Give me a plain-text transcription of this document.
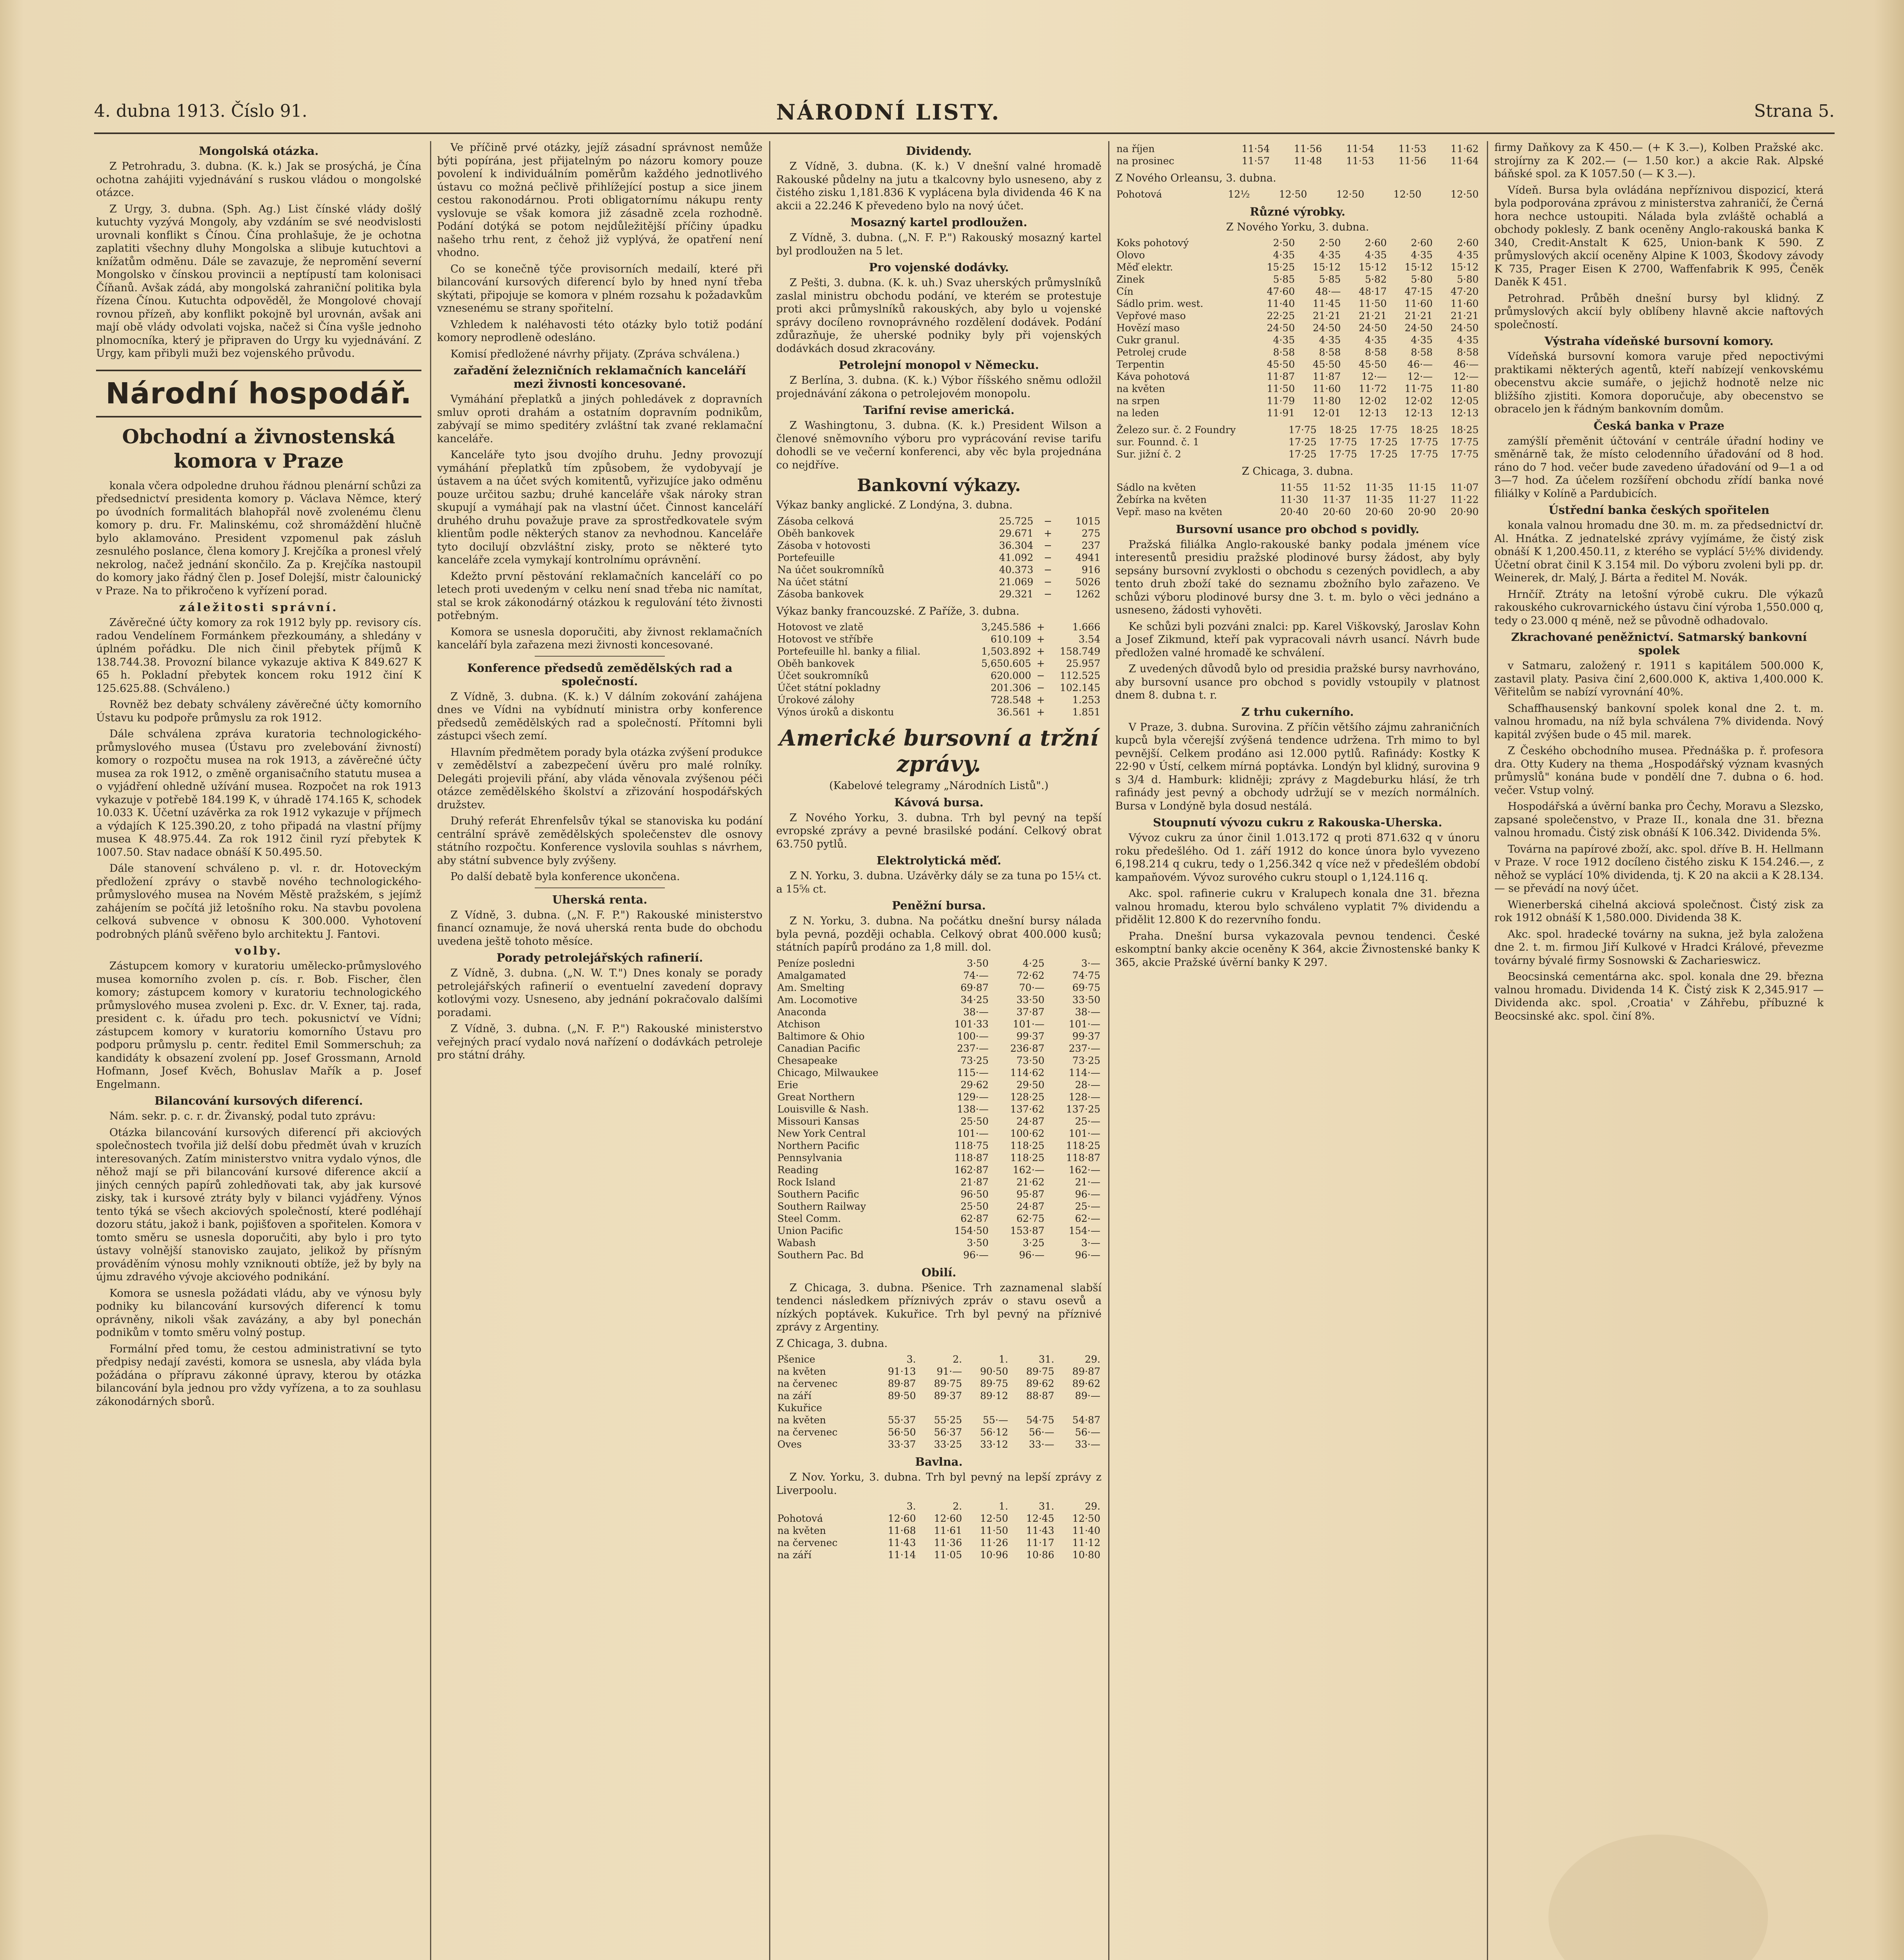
4. dubna 1913. Číslo 91.	NÁRODNÍ LISTY.	Strana 5.
Mongolská otázka.

Z Petrohradu, 3. dubna. (K. k.) Jak se prosýchá, je Čína ochotna zahájiti vyjednávání s ruskou vládou o mongolské otázce.

Z Urgy, 3. dubna. (Sph. Ag.) List čínské vlády došlý kutuchty vyzývá Mongoly, aby vzdáním se své neodvislosti urovnali konflikt s Čínou. Čína prohlašuje, že je ochotna zaplatiti všechny dluhy Mongolska a slibuje kutuchtovi a knížatům odměnu. Dále se zavazuje, že nepromění severní Mongolsko v čínskou provincii a neptípustí tam kolonisaci Číňanů. Avšak zádá, aby mongolská zahraniční politika byla řízena Čínou. Kutuchta odpověděl, že Mongolové chovají rovnou přízeň, aby konflikt pokojně byl urovnán, avšak ani mají obě vlády odvolati vojska, načež si Čína vyšle jednoho plnomocníka, který je připraven do Urgy ku vyjednávání. Z Urgy, kam přibyli muži bez vojenského průvodu.

Národní hospodář.
Obchodní a živnostenská komora v Praze

konala včera odpoledne druhou řádnou plenární schůzi za předsednictví presidenta komory p. Václava Němce, který po úvodních formalitách blahopřál nově zvolenému členu komory p. dru. Fr. Malinskému, což shromáždění hlučně bylo aklamováno. President vzpomenul pak zásluh zesnulého poslance, člena komory J. Krejčíka a pronesl vřelý nekrolog, načež jednání skončilo. Za p. Krejčíka nastoupil do komory jako řádný člen p. Josef Dolejší, mistr čalounický v Praze. Na to přikročeno k vyřízení porad.

záležitosti správní.

Závěrečné účty komory za rok 1912 byly pp. revisory cís. radou Vendelínem Formánkem přezkoumány, a shledány v úplném pořádku. Dle nich činil přebytek příjmů K 138.744.38. Provozní bilance vykazuje aktiva K 849.627 K 65 h. Pokladní přebytek koncem roku 1912 činí K 125.625.88. (Schváleno.)

Rovněž bez debaty schváleny závěrečné účty komorního Ústavu ku podpoře průmyslu za rok 1912.

Dále schválena zpráva kuratoria technologického-průmyslového musea (Ústavu pro zvelebování živností) komory o rozpočtu musea na rok 1913, a závěrečné účty musea za rok 1912, o změně organisačního statutu musea a o vyjádření ohledně užívání musea. Rozpočet na rok 1913 vykazuje v potřebě 184.199 K, v úhradě 174.165 K, schodek 10.033 K. Účetní uzávěrka za rok 1912 vykazuje v příjmech a výdajích K 125.390.20, z toho připadá na vlastní příjmy musea K 48.975.44. Za rok 1912 činil ryzí přebytek K 1007.50. Stav nadace obnáší K 50.495.50.

Dále stanovení schváleno p. vl. r. dr. Hotoveckým předložení zprávy o stavbě nového technologického-průmyslového musea na Novém Městě pražském, s jejímž zahájením se počítá již letošního roku. Na stavbu povolena celková subvence v obnosu K 300.000. Vyhotovení podrobných plánů svěřeno bylo architektu J. Fantovi.

volby.

Zástupcem komory v kuratoriu umělecko-průmyslového musea komorního zvolen p. cís. r. Bob. Fischer, člen komory; zástupcem komory v kuratoriu technologického průmyslového musea zvoleni p. Exc. dr. V. Exner, taj. rada, president c. k. úřadu pro tech. pokusnictví ve Vídni; zástupcem komory v kuratoriu komorního Ústavu pro podporu průmyslu p. centr. ředitel Emil Sommerschuh; za kandidáty k obsazení zvolení pp. Josef Grossmann, Arnold Hofmann, Josef Kvěch, Bohuslav Mařík a p. Josef Engelmann.

Bilancování kursových diferencí.

Nám. sekr. p. c. r. dr. Živanský, podal tuto zprávu:

Otázka bilancování kursových diferencí při akciových společnostech tvořila již delší dobu předmět úvah v kruzích interesovaných. Zatím ministerstvo vnitra vydalo výnos, dle něhož mají se při bilancování kursové diference akcií a jiných cenných papírů zohledňovati tak, aby jak kursové zisky, tak i kursové ztráty byly v bilanci vyjádřeny. Výnos tento týká se všech akciových společností, které podléhají dozoru státu, jakož i bank, pojišťoven a spořitelen. Komora v tomto směru se usnesla doporučiti, aby bylo i pro tyto ústavy volnější stanovisko zaujato, jelikož by přísným prováděním výnosu mohly vzniknouti obtíže, jež by byly na újmu zdravého vývoje akciového podnikání.

Komora se usnesla požádati vládu, aby ve výnosu byly podniky ku bilancování kursových diferencí k tomu oprávněny, nikoli však zavázány, a aby byl ponechán podnikům v tomto směru volný postup.

Formální před tomu, že cestou administrativní se tyto předpisy nedají zavésti, komora se usnesla, aby vláda byla požádána o přípravu zákonné úpravy, kterou by otázka bilancování byla jednou pro vždy vyřízena, a to za souhlasu zákonodárných sborů.

Ve příčině prvé otázky, jejíž zásadní správnost nemůže býti popírána, jest přijatelným po názoru komory pouze povolení k individuálním poměrům každého jednotlivého ústavu co možná pečlivě přihlížející postup a sice jinem cestou rakonodárnou. Proti obligatornímu nákupu renty vyslovuje se však komora již zásadně zcela rozhodně. Podání dotýká se potom nejdůležitější příčiny úpadku našeho trhu rent, z čehož již vyplývá, že opatření není vhodno.

Co se konečně týče provisorních medailí, které při bilancování kursových diferencí bylo by hned nyní třeba skýtati, připojuje se komora v plném rozsahu k požadavkům vznesenému se strany spořitelní.

Vzhledem k naléhavosti této otázky bylo totiž podání komory neprodleně odesláno.

Komisí předložené návrhy přijaty. (Zpráva schválena.)

zařadění železničních reklamačních kanceláří mezi živnosti koncesované.

Vymáhání přeplatků a jiných pohledávek z dopravních smluv oproti drahám a ostatním dopravním podnikům, zabývají se mimo speditéry zvláštní tak zvané reklamační kanceláře.

Kanceláře tyto jsou dvojího druhu. Jedny provozují vymáhání přeplatků tím způsobem, že vydobyvají je ústavem a na účet svých komitentů, vyřizujíce jako odměnu pouze určitou sazbu; druhé kanceláře však nároky stran skupují a vymáhají pak na vlastní účet. Činnost kanceláří druhého druhu považuje prave za sprostředkovatele svým klientům podle některých stanov za nevhodnou. Kanceláře tyto docilují obzvláštní zisky, proto se některé tyto kanceláře zcela vymykají kontrolnímu oprávnění.

Kdežto první pěstování reklamačních kanceláří co po letech proti uvedeným v celku není snad třeba nic namítat, stal se krok zákonodárný otázkou k regulování této živnosti potřebným.

Komora se usnesla doporučiti, aby živnost reklamačních kanceláří byla zařazena mezi živnosti koncesované.

Konference předsedů zemědělských rad a společností.

Z Vídně, 3. dubna. (K. k.) V dálním zokování zahájena dnes ve Vídni na vybídnutí ministra orby konference předsedů zemědělských rad a společností. Přítomni byli zástupci všech zemí.

Hlavním předmětem porady byla otázka zvýšení produkce v zemědělství a zabezpečení úvěru pro malé rolníky. Delegáti projevili přání, aby vláda věnovala zvýšenou péči otázce zemědělského školství a zřizování hospodářských družstev.

Druhý referát Ehrenfelsův týkal se stanoviska ku podání centrální správě zemědělských společenstev dle osnovy státního rozpočtu. Konference vyslovila souhlas s návrhem, aby státní subvence byly zvýšeny.

Po další debatě byla konference ukončena.

Uherská renta.

Z Vídně, 3. dubna. („N. F. P.") Rakouské ministerstvo financí oznamuje, že nová uherská renta bude do obchodu uvedena ještě tohoto měsíce.

Porady petrolejářských rafinerií.

Z Vídně, 3. dubna. („N. W. T.") Dnes konaly se porady petrolejářských rafinerií o eventuelní zavedení dopravy kotlovými vozy. Usneseno, aby jednání pokračovalo dalšími poradami.

Z Vídně, 3. dubna. („N. F. P.") Rakouské ministerstvo veřejných prací vydalo nová nařízení o dodávkách petroleje pro státní dráhy.

Dividendy.

Z Vídně, 3. dubna. (K. k.) V dnešní valné hromadě Rakouské půdelny na jutu a tkalcovny bylo usneseno, aby z čistého zisku 1,181.836 K vyplácena byla dividenda 46 K na akcii a 22.246 K převedeno bylo na nový účet.

Mosazný kartel prodloužen.

Z Vídně, 3. dubna. („N. F. P.") Rakouský mosazný kartel byl prodloužen na 5 let.

Pro vojenské dodávky.

Z Pešti, 3. dubna. (K. k. uh.) Svaz uherských průmyslníků zaslal ministru obchodu podání, ve kterém se protestuje proti akci průmyslníků rakouských, aby bylo u vojenské správy docíleno rovnoprávného rozdělení dodávek. Podání zdůrazňuje, že uherské podniky byly při vojenských dodávkách dosud zkracovány.

Petrolejní monopol v Německu.

Z Berlína, 3. dubna. (K. k.) Výbor říšského sněmu odložil projednávání zákona o petrolejovém monopolu.

Tarifní revise americká.

Z Washingtonu, 3. dubna. (K. k.) President Wilson a členové sněmovního výboru pro vyprácování revise tarifu dohodli se ve večerní konferenci, aby věc byla projednána co nejdříve.

Bankovní výkazy.

Výkaz banky anglické. Z Londýna, 3. dubna.

Zásoba celková	25.725	−	1015
Oběh bankovek	29.671	+	275
Zásoba v hotovosti	36.304	−	237
Portefeuille	41.092	−	4941
Na účet soukromníků	40.373	−	916
Na účet státní	21.069	−	5026
Zásoba bankovek	29.321	−	1262

Výkaz banky francouzské. Z Paříže, 3. dubna.

Hotovost ve zlatě	3,245.586	+	1.666
Hotovost ve stříbře	610.109	+	3.54
Portefeuille hl. banky a filial.	1,503.892	+	158.749
Oběh bankovek	5,650.605	+	25.957
Účet soukromníků	620.000	−	112.525
Účet státní pokladny	201.306	−	102.145
Úrokové zálohy	728.548	+	1.253
Výnos úroků a diskontu	36.561	+	1.851
Americké bursovní a tržní zprávy.

(Kabelové telegramy „Národních Listů".)

Kávová bursa.

Z Nového Yorku, 3. dubna. Trh byl pevný na tepší evropské zprávy a pevné brasilské podání. Celkový obrat 63.750 pytlů.

Elektrolytická měď.

Z N. Yorku, 3. dubna. Uzávěrky dály se za tuna po 15¼ ct. a 15⅝ ct.

Peněžní bursa.

Z N. Yorku, 3. dubna. Na počátku dnešní bursy nálada byla pevná, později ochabla. Celkový obrat 400.000 kusů; státních papírů prodáno za 1,8 mill. dol.

Peníze posledni	3·50	4·25	3·—
Amalgamated	74·—	72·62	74·75
Am. Smelting	69·87	70·—	69·75
Am. Locomotive	34·25	33·50	33·50
Anaconda	38·—	37·87	38·—
Atchison	101·33	101·—	101·—
Baltimore & Ohio	100·—	99·37	99·37
Canadian Pacific	237·—	236·87	237·—
Chesapeake	73·25	73·50	73·25
Chicago, Milwaukee	115·—	114·62	114·—
Erie	29·62	29·50	28·—
Great Northern	129·—	128·25	128·—
Louisville & Nash.	138·—	137·62	137·25
Missouri Kansas	25·50	24·87	25·—
New York Central	101·—	100·62	101·—
Northern Pacific	118·75	118·25	118·25
Pennsylvania	118·87	118·25	118·87
Reading	162·87	162·—	162·—
Rock Island	21·87	21·62	21·—
Southern Pacific	96·50	95·87	96·—
Southern Railway	25·50	24·87	25·—
Steel Comm.	62·87	62·75	62·—
Union Pacific	154·50	153·87	154·—
Wabash	3·50	3·25	3·—
Southern Pac. Bd	96·—	96·—	96·—
Obilí.

Z Chicaga, 3. dubna. Pšenice. Trh zaznamenal slabší tendenci následkem příznivých zpráv o stavu osevů a nízkých poptávek. Kukuřice. Trh byl pevný na příznivé zprávy z Argentiny.

Z Chicaga, 3. dubna.

Pšenice	3.	2.	1.	31.	29.
na květen	91·13	91·—	90·50	89·75	89·87
na červenec	89·87	89·75	89·75	89·62	89·62
na září	89·50	89·37	89·12	88·87	89·—
Kukuřice					
na květen	55·37	55·25	55·—	54·75	54·87
na červenec	56·50	56·37	56·12	56·—	56·—
Oves	33·37	33·25	33·12	33·—	33·—
Bavlna.

Z Nov. Yorku, 3. dubna. Trh byl pevný na lepší zprávy z Liverpoolu.

	3.	2.	1.	31.	29.
Pohotová	12·60	12·60	12·50	12·45	12·50
na květen	11·68	11·61	11·50	11·43	11·40
na červenec	11·43	11·36	11·26	11·17	11·12
na září	11·14	11·05	10·96	10·86	10·80
na říjen	11·54	11·56	11·54	11·53	11·62
na prosinec	11·57	11·48	11·53	11·56	11·64

Z Nového Orleansu, 3. dubna.

Pohotová	12½	12·50	12·50	12·50	12·50
Různé výrobky.

Z Nového Yorku, 3. dubna.

Koks pohotový	2·50	2·50	2·60	2·60	2·60
Olovo	4·35	4·35	4·35	4·35	4·35
Měď elektr.	15·25	15·12	15·12	15·12	15·12
Zinek	5·85	5·85	5·82	5·80	5·80
Cín	47·60	48·—	48·17	47·15	47·20
Sádlo prim. west.	11·40	11·45	11·50	11·60	11·60
Vepřové maso	22·25	21·21	21·21	21·21	21·21
Hovězí maso	24·50	24·50	24·50	24·50	24·50
Cukr granul.	4·35	4·35	4·35	4·35	4·35
Petrolej crude	8·58	8·58	8·58	8·58	8·58
Terpentin	45·50	45·50	45·50	46·—	46·—
Káva pohotová	11·87	11·87	12·—	12·—	12·—
na květen	11·50	11·60	11·72	11·75	11·80
na srpen	11·79	11·80	12·02	12·02	12·05
na leden	11·91	12·01	12·13	12·13	12·13
Železo sur. č. 2 Foundry	17·75	18·25	17·75	18·25	18·25
sur. Founnd. č. 1	17·25	17·75	17·25	17·75	17·75
Sur. jižní č. 2	17·25	17·75	17·25	17·75	17·75

Z Chicaga, 3. dubna.

Sádlo na květen	11·55	11·52	11·35	11·15	11·07
Žebírka na květen	11·30	11·37	11·35	11·27	11·22
Vepř. maso na květen	20·40	20·60	20·60	20·90	20·90
Bursovní usance pro obchod s povidly.

Pražská filiálka Anglo-rakouské banky podala jménem více interesentů presidiu pražské plodinové bursy žádost, aby byly sepsány bursovní zvyklosti o obchodu s cezených povidlech, a aby tento druh zboží také do seznamu zbožního bylo zařazeno. Ve schůzi výboru plodinové bursy dne 3. t. m. bylo o věci jednáno a usneseno, žádosti vyhověti.

Ke schůzi byli pozváni znalci: pp. Karel Viškovský, Jaroslav Kohn a Josef Zikmund, kteří pak vypracovali návrh usancí. Návrh bude předložen valné hromadě ke schválení.

Z uvedených důvodů bylo od presidia pražské bursy navrhováno, aby bursovní usance pro obchod s povidly vstoupily v platnost dnem 8. dubna t. r.

Z trhu cukerního.

V Praze, 3. dubna. Surovina. Z příčin většího zájmu zahraničních kupců byla včerejší zvýšená tendence udržena. Trh mimo to byl pevnější. Celkem prodáno asi 12.000 pytlů. Rafinády: Kostky K 22·90 v Ústí, celkem mírná poptávka. Londýn byl klidný, surovina 9 s 3/4 d. Hamburk: klidněji; zprávy z Magdeburku hlásí, že trh rafinády jest pevný a obchody udržují se v mezích normálních. Bursa v Londýně byla dosud nestálá.

Stoupnutí vývozu cukru z Rakouska-Uherska.

Vývoz cukru za únor činil 1.013.172 q proti 871.632 q v únoru roku předešlého. Od 1. září 1912 do konce února bylo vyvezeno 6,198.214 q cukru, tedy o 1,256.342 q více než v předešlém období kampaňovém. Vývoz surového cukru stoupl o 1,124.116 q.

Akc. spol. rafinerie cukru v Kralupech konala dne 31. března valnou hromadu, kterou bylo schváleno vyplatit 7% dividendu a přidělit 12.800 K do rezervního fondu.

Praha. Dnešní bursa vykazovala pevnou tendenci. České eskomptní banky akcie oceněny K 364, akcie Živnostenské banky K 365, akcie Pražské úvěrní banky K 297.

firmy Daňkovy za K 450.— (+ K 3.—), Kolben Pražské akc. strojírny za K 202.— (— 1.50 kor.) a akcie Rak. Alpské báňské spol. za K 1057.50 (— K 3.—).

Vídeň. Bursa byla ovládána nepříznivou dispozicí, která byla podporována zprávou z ministerstva zahraničí, že Černá hora nechce ustoupiti. Nálada byla zvláště ochablá a obchody poklesly. Z bank oceněny Anglo-rakouská banka K 340, Credit-Anstalt K 625, Union-bank K 590. Z průmyslových akcií oceněny Alpine K 1003, Škodovy závody K 735, Prager Eisen K 2700, Waffenfabrik K 995, Čeněk Daněk K 451.

Petrohrad. Průběh dnešní bursy byl klidný. Z průmyslových akcií byly oblíbeny hlavně akcie naftových společností.

Výstraha vídeňské bursovní komory.

Vídeňská bursovní komora varuje před nepoctivými praktikami některých agentů, kteří nabízejí venkovskému obecenstvu akcie sumáře, o jejichž hodnotě nelze nic bližšího zjistiti. Komora doporučuje, aby obecenstvo se obracelo jen k řádným bankovním domům.

Česká banka v Praze

zamýšlí přeměnit účtování v centrále úřadní hodiny ve směnárně tak, že místo celodenního úřadování od 8 hod. ráno do 7 hod. večer bude zavedeno úřadování od 9—1 a od 3—7 hod. Za účelem rozšíření obchodu zřídí banka nové filiálky v Kolíně a Pardubicích.

Ústřední banka českých spořitelen

konala valnou hromadu dne 30. m. m. za předsednictví dr. Al. Hnátka. Z jednatelské zprávy vyjímáme, že čistý zisk obnáší K 1,200.450.11, z kterého se vyplácí 5½% dividendy. Účetní obrat činil K 3.154 mil. Do výboru zvoleni byli pp. dr. Weinerek, dr. Malý, J. Bárta a ředitel M. Novák.

Hrnčíř. Ztráty na letošní výrobě cukru. Dle výkazů rakouského cukrovarnického ústavu činí výroba 1,550.000 q, tedy o 23.000 q méně, než se původně odhadovalo.

Zkrachované peněžnictví. Satmarský bankovní spolek

v Satmaru, založený r. 1911 s kapitálem 500.000 K, zastavil platy. Pasiva činí 2,600.000 K, aktiva 1,400.000 K. Věřitelům se nabízí vyrovnání 40%.

Schaffhausenský bankovní spolek konal dne 2. t. m. valnou hromadu, na níž byla schválena 7% dividenda. Nový kapitál zvýšen bude o 45 mil. marek.

Z Českého obchodního musea. Přednáška p. ř. profesora dra. Otty Kudery na thema „Hospodářský význam kvasných průmyslů" konána bude v pondělí dne 7. dubna o 6. hod. večer. Vstup volný.

Hospodářská a úvěrní banka pro Čechy, Moravu a Slezsko, zapsané společenstvo, v Praze II., konala dne 31. března valnou hromadu. Čistý zisk obnáší K 106.342. Dividenda 5%.

Továrna na papírové zboží, akc. spol. dříve B. H. Hellmann v Praze. V roce 1912 docíleno čistého zisku K 154.246.—, z něhož se vyplácí 10% dividenda, tj. K 20 na akcii a K 28.134.— se převádí na nový účet.

Wienerberská cihelná akciová společnost. Čistý zisk za rok 1912 obnáší K 1,580.000. Dividenda 38 K.

Akc. spol. hradecké továrny na sukna, jež byla založena dne 2. t. m. firmou Jiří Kulkové v Hradci Králové, převezme továrny bývalé firmy Sosnowski & Zacharieswicz.

Beocsinská cementárna akc. spol. konala dne 29. března valnou hromadu. Dividenda 14 K. Čistý zisk K 2,345.917 — Dividenda akc. spol. ,Croatia' v Záhřebu, příbuzné k Beocsinské akc. spol. činí 8%.
